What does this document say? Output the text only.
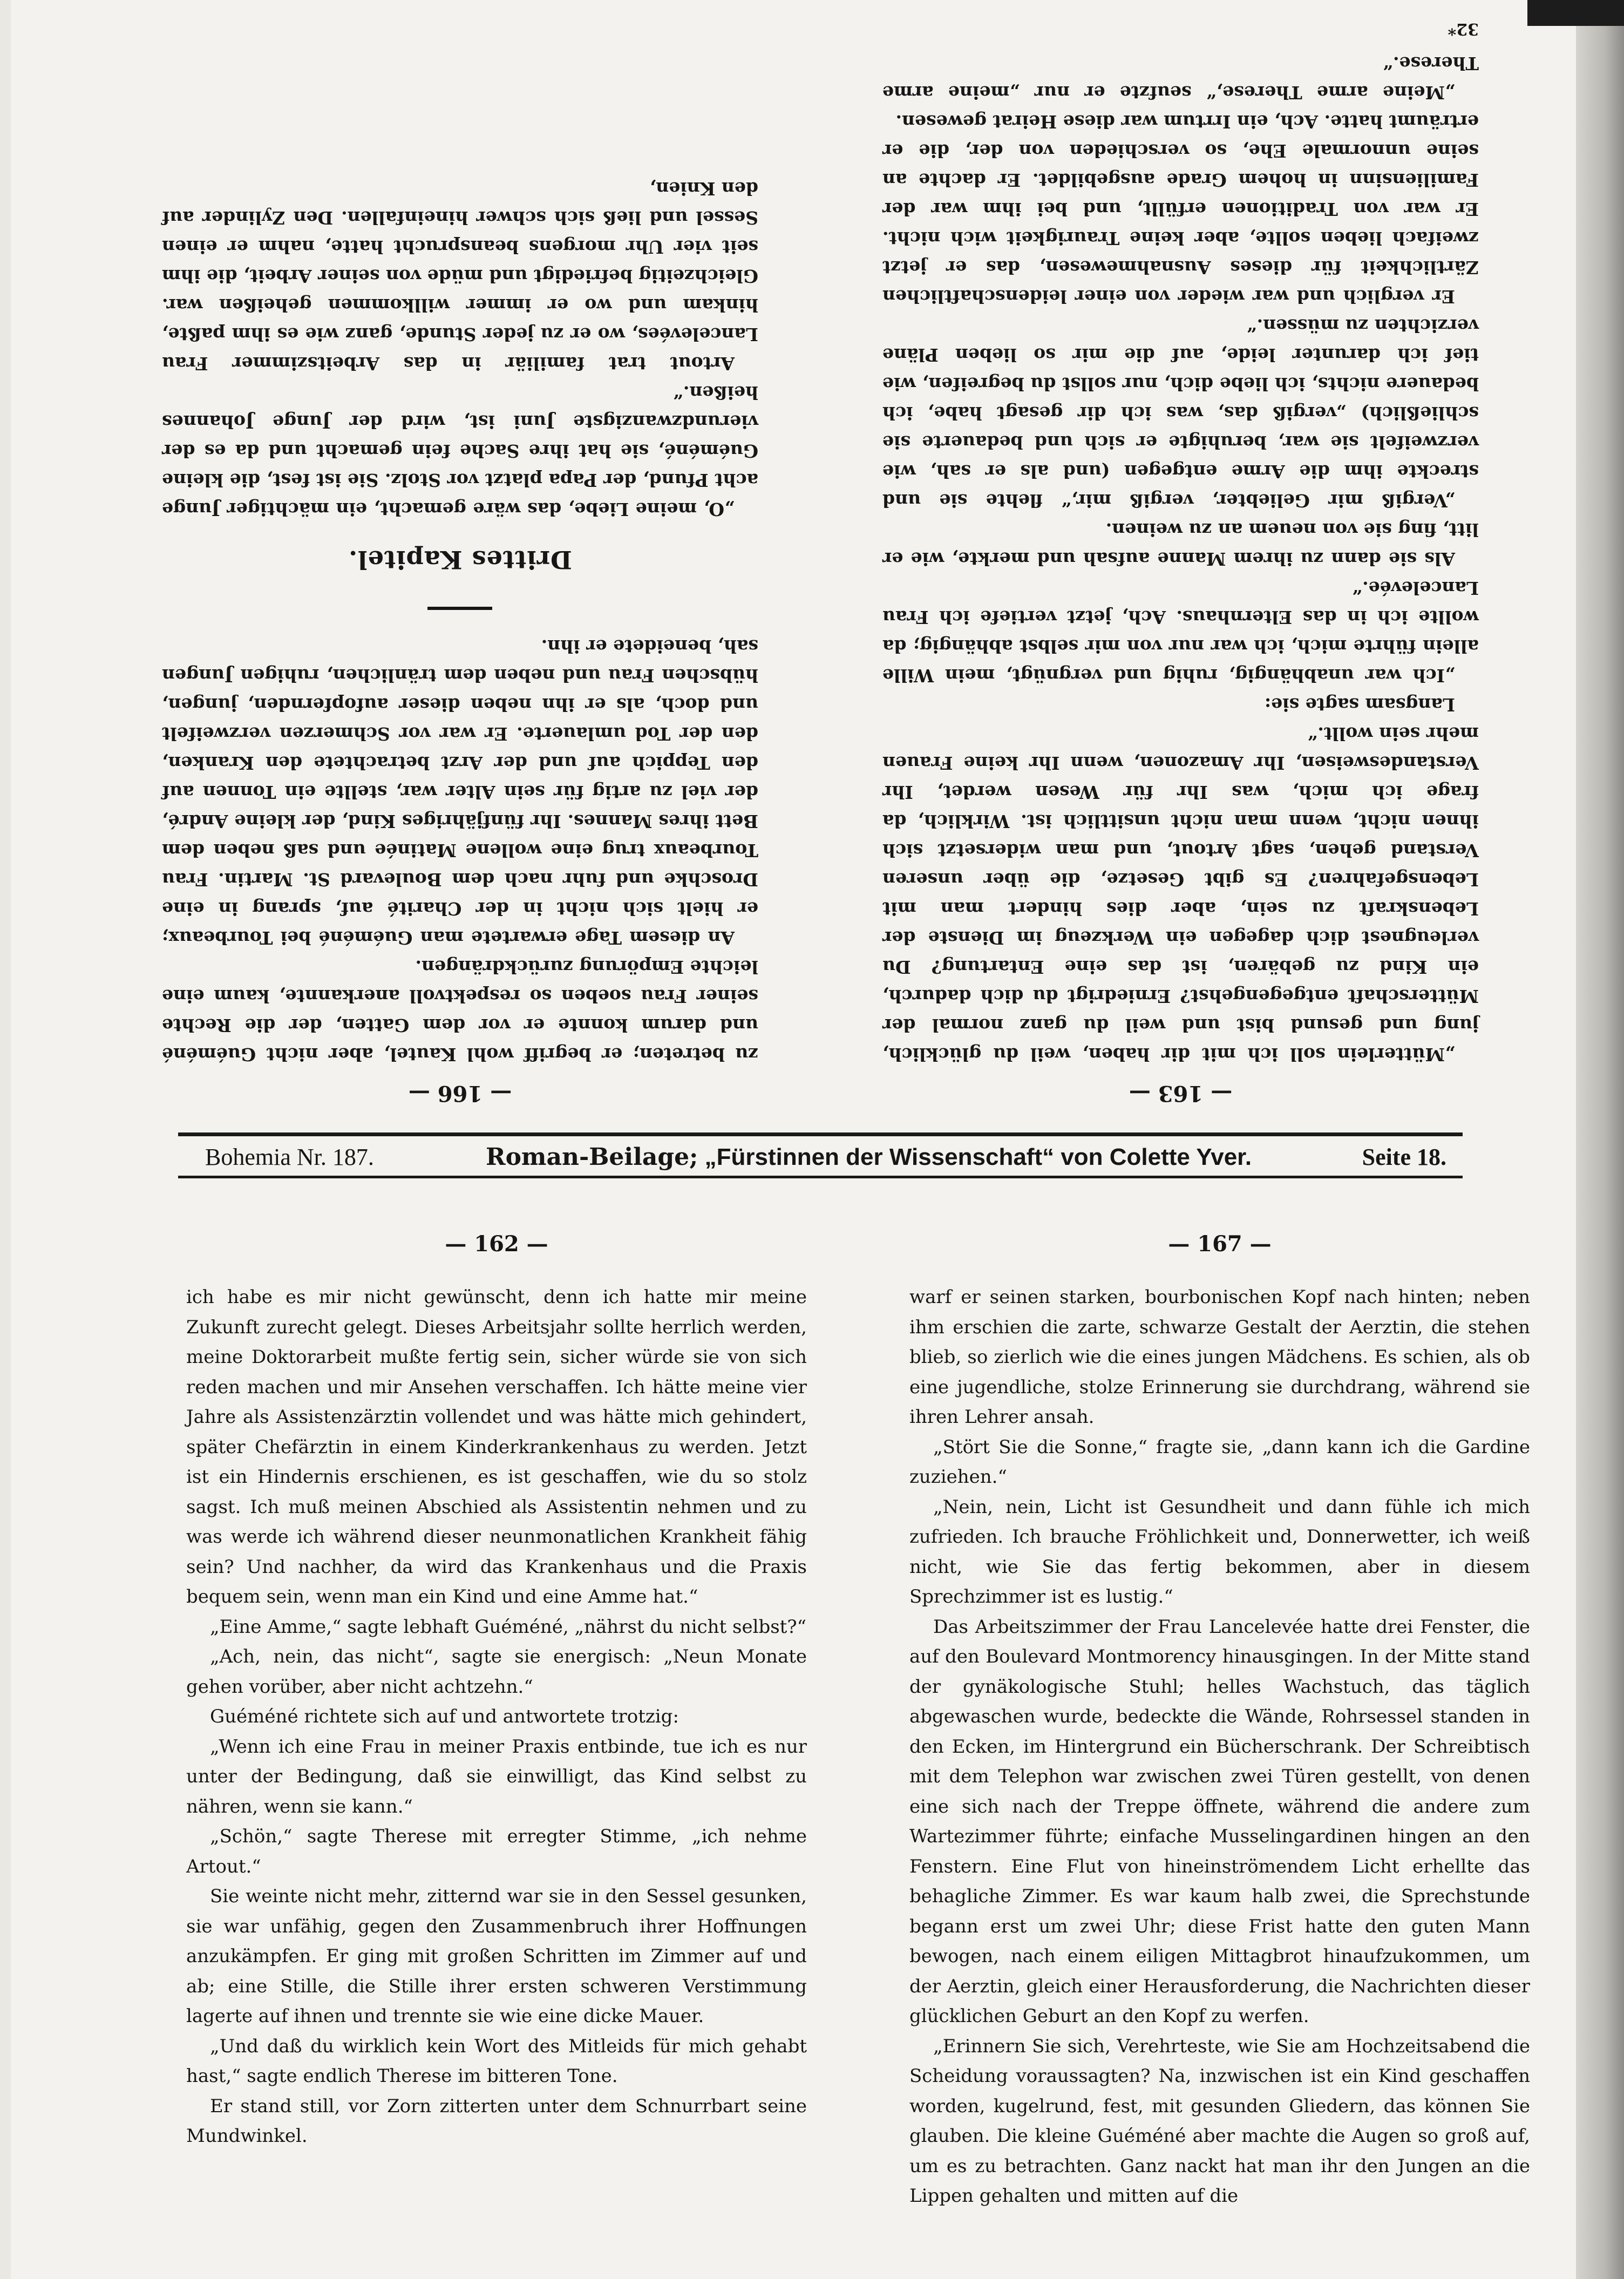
— 163 —

„Mütterlein soll ich mit dir haben, weil du glücklich, jung und gesund bist und weil du ganz normal der Mütterschaft entgegengehst? Erniedrigt du dich dadurch, ein Kind zu gebären, ist das eine Entartung? Du verleugnest dich dagegen ein Werkzeug im Dienste der Lebenskraft zu sein, aber dies hindert man mit Lebensgefahren? Es gibt Gesetze, die über unseren Verstand gehen, sagt Artout, und man widersetzt sich ihnen nicht, wenn man nicht unsittlich ist. Wirklich, da frage ich mich, was Ihr für Wesen werdet, Ihr Verstandesweisen, Ihr Amazonen, wenn Ihr keine Frauen mehr sein wollt.“

Langsam sagte sie:

„Ich war unabhängig, ruhig und vergnügt, mein Wille allein führte mich, ich war nur von mir selbst abhängig; da wollte ich in das Elternhaus. Ach, jetzt vertiefe ich Frau Lancelevée.“

Als sie dann zu ihrem Manne aufsah und merkte, wie er litt, fing sie von neuem an zu weinen.

„Vergiß mir Geliebter, vergiß mir,“ flehte sie und streckte ihm die Arme entgegen (und als er sah, wie verzweifelt sie war, beruhigte er sich und bedauerte sie schließlich) „vergiß das, was ich dir gesagt habe, ich bedauere nichts, ich liebe dich, nur sollst du begreifen, wie tief ich darunter leide, auf die mir so lieben Pläne verzichten zu müssen.“

Er verglich und war wieder von einer leidenschaftlichen Zärtlichkeit für dieses Ausnahmewesen, das er jetzt zweifach lieben sollte, aber keine Traurigkeit wich nicht. Er war von Traditionen erfüllt, und bei ihm war der Familiensinn in hohem Grade ausgebildet. Er dachte an seine unnormale Ehe, so verschieden von der, die er erträumt hatte. Ach, ein Irrtum war diese Heirat gewesen.

„Meine arme Therese,“ seufzte er nur „meine arme Therese.“

32*
— 166 —

zu betreten; er begriff wohl Kautel, aber nicht Guéméné und darum konnte er vor dem Gatten, der die Rechte seiner Frau soeben so respektvoll anerkannte, kaum eine leichte Empörung zurückdrängen.

An diesem Tage erwartete man Guéméné bei Tourbeaux; er hielt sich nicht in der Charité auf, sprang in eine Droschke und fuhr nach dem Boulevard St. Martin. Frau Tourbeaux trug eine wollene Matinée und saß neben dem Bett ihres Mannes. Ihr fünfjähriges Kind, der kleine André, der viel zu artig für sein Alter war, stellte ein Tonnen auf den Teppich auf und der Arzt betrachtete den Kranken, den der Tod umlauerte. Er war vor Schmerzen verzweifelt und doch, als er ihn neben dieser aufopfernden, jungen, hübschen Frau und neben dem tränlichen, ruhigen Jungen sah, beneidete er ihn.

Drittes Kapitel.

„O, meine Liebe, das wäre gemacht, ein mächtiger Junge acht Pfund, der Papa platzt vor Stolz. Sie ist fest, die kleine Guéméné, sie hat ihre Sache fein gemacht und da es der vierundzwanzigste Juni ist, wird der Junge Johannes heißen.“

Artout trat familiär in das Arbeitszimmer Frau Lancelevées, wo er zu jeder Stunde, ganz wie es ihm paßte, hinkam und wo er immer willkommen geheißen war. Gleichzeitig befriedigt und müde von seiner Arbeit, die ihm seit vier Uhr morgens beansprucht hatte, nahm er einen Sessel und ließ sich schwer hineinfallen. Den Zylinder auf den Knien,

Bohemia Nr. 187.	Roman-Beilage; „Fürstinnen der Wissenschaft“ von Colette Yver.	Seite 18.
— 162 —

ich habe es mir nicht gewünscht, denn ich hatte mir meine Zukunft zurecht gelegt. Dieses Arbeitsjahr sollte herrlich werden, meine Doktorarbeit mußte fertig sein, sicher würde sie von sich reden machen und mir Ansehen verschaffen. Ich hätte meine vier Jahre als Assistenzärztin vollendet und was hätte mich gehindert, später Chefärztin in einem Kinderkrankenhaus zu werden. Jetzt ist ein Hindernis erschienen, es ist geschaffen, wie du so stolz sagst. Ich muß meinen Abschied als Assistentin nehmen und zu was werde ich während dieser neunmonatlichen Krankheit fähig sein? Und nachher, da wird das Krankenhaus und die Praxis bequem sein, wenn man ein Kind und eine Amme hat.“

„Eine Amme,“ sagte lebhaft Guéméné, „nährst du nicht selbst?“

„Ach, nein, das nicht“, sagte sie energisch: „Neun Monate gehen vorüber, aber nicht achtzehn.“

Guéméné richtete sich auf und antwortete trotzig:

„Wenn ich eine Frau in meiner Praxis entbinde, tue ich es nur unter der Bedingung, daß sie einwilligt, das Kind selbst zu nähren, wenn sie kann.“

„Schön,“ sagte Therese mit erregter Stimme, „ich nehme Artout.“

Sie weinte nicht mehr, zitternd war sie in den Sessel gesunken, sie war unfähig, gegen den Zusammenbruch ihrer Hoffnungen anzukämpfen. Er ging mit großen Schritten im Zimmer auf und ab; eine Stille, die Stille ihrer ersten schweren Verstimmung lagerte auf ihnen und trennte sie wie eine dicke Mauer.

„Und daß du wirklich kein Wort des Mitleids für mich gehabt hast,“ sagte endlich Therese im bitteren Tone.

Er stand still, vor Zorn zitterten unter dem Schnurrbart seine Mundwinkel.

— 167 —

warf er seinen starken, bourbonischen Kopf nach hinten; neben ihm erschien die zarte, schwarze Gestalt der Aerztin, die stehen blieb, so zierlich wie die eines jungen Mädchens. Es schien, als ob eine jugendliche, stolze Erinnerung sie durchdrang, während sie ihren Lehrer ansah.

„Stört Sie die Sonne,“ fragte sie, „dann kann ich die Gardine zuziehen.“

„Nein, nein, Licht ist Gesundheit und dann fühle ich mich zufrieden. Ich brauche Fröhlichkeit und, Donnerwetter, ich weiß nicht, wie Sie das fertig bekommen, aber in diesem Sprechzimmer ist es lustig.“

Das Arbeitszimmer der Frau Lancelevée hatte drei Fenster, die auf den Boulevard Montmorency hinausgingen. In der Mitte stand der gynäkologische Stuhl; helles Wachstuch, das täglich abgewaschen wurde, bedeckte die Wände, Rohrsessel standen in den Ecken, im Hintergrund ein Bücherschrank. Der Schreibtisch mit dem Telephon war zwischen zwei Türen gestellt, von denen eine sich nach der Treppe öffnete, während die andere zum Wartezimmer führte; einfache Musselingardinen hingen an den Fenstern. Eine Flut von hineinströmendem Licht erhellte das behagliche Zimmer. Es war kaum halb zwei, die Sprechstunde begann erst um zwei Uhr; diese Frist hatte den guten Mann bewogen, nach einem eiligen Mittagbrot hinaufzukommen, um der Aerztin, gleich einer Herausforderung, die Nachrichten dieser glücklichen Geburt an den Kopf zu werfen.

„Erinnern Sie sich, Verehrteste, wie Sie am Hochzeitsabend die Scheidung voraussagten? Na, inzwischen ist ein Kind geschaffen worden, kugelrund, fest, mit gesunden Gliedern, das können Sie glauben. Die kleine Guéméné aber machte die Augen so groß auf, um es zu betrachten. Ganz nackt hat man ihr den Jungen an die Lippen gehalten und mitten auf die
